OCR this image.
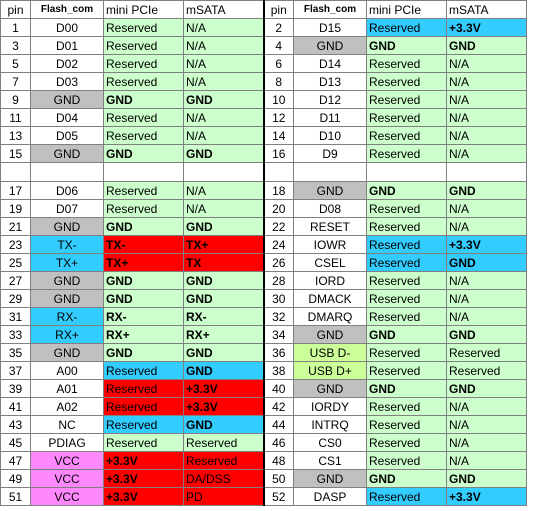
pin	Flash_com	mini PCIe	mSATA	pin	Flash_com	mini PCIe	mSATA
1	D00	Reserved	N/A	2	D15	Reserved	+3.3V
3	D01	Reserved	N/A	4	GND	GND	GND
5	D02	Reserved	N/A	6	D14	Reserved	N/A
7	D03	Reserved	N/A	8	D13	Reserved	N/A
9	GND	GND	GND	10	D12	Reserved	N/A
11	D04	Reserved	N/A	12	D11	Reserved	N/A
13	D05	Reserved	N/A	14	D10	Reserved	N/A
15	GND	GND	GND	16	D9	Reserved	N/A

17	D06	Reserved	N/A	18	GND	GND	GND
19	D07	Reserved	N/A	20	D08	Reserved	N/A
21	GND	GND	GND	22	RESET	Reserved	N/A
23	TX-	TX-	TX+	24	IOWR	Reserved	+3.3V
25	TX+	TX+	TX	26	CSEL	Reserved	GND
27	GND	GND	GND	28	IORD	Reserved	N/A
29	GND	GND	GND	30	DMACK	Reserved	N/A
31	RX-	RX-	RX-	32	DMARQ	Reserved	N/A
33	RX+	RX+	RX+	34	GND	GND	GND
35	GND	GND	GND	36	USB D-	Reserved	Reserved
37	A00	Reserved	GND	38	USB D+	Reserved	Reserved
39	A01	Reserved	+3.3V	40	GND	GND	GND
41	A02	Reserved	+3.3V	42	IORDY	Reserved	N/A
43	NC	Reserved	GND	44	INTRQ	Reserved	N/A
45	PDIAG	Reserved	Reserved	46	CS0	Reserved	N/A
47	VCC	+3.3V	Reserved	48	CS1	Reserved	N/A
49	VCC	+3.3V	DA/DSS	50	GND	GND	GND
51	VCC	+3.3V	PD	52	DASP	Reserved	+3.3V
